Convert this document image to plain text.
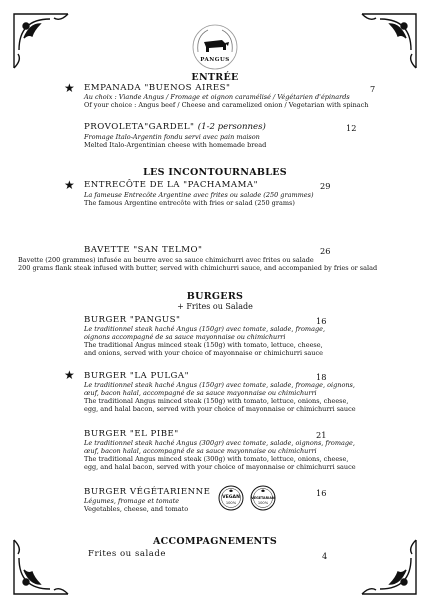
PANGUS
ENTRÉE
★ EMPANADA "BUENOS AIRES"	7
Au choix : Viande Angus / Fromage et oignon caramélisé / Végétarien d'épinards
Of your choice : Angus beef / Cheese and caramelized onion / Vegetarian with spinach
PROVOLETA"GARDEL" (1-2 personnes)	12
Fromage Italo-Argentin fondu servi avec pain maison
Melted Italo-Argentinian cheese with homemade bread
LES INCONTOURNABLES
★ ENTRECÔTE DE LA "PACHAMAMA"	29
La fameuse Entrecôte Argentine avec frites ou salade (250 grammes)
The famous Argentine entrecôte with fries or salad (250 grams)
BAVETTE "SAN TELMO"	26
Bavette (200 grammes) infusée au beurre avec sa sauce chimichurri avec frites ou salade
200 grams flank steak infused with butter, served with chimichurri sauce, and accompanied by fries or salad
BURGERS
+ Frites ou Salade
BURGER "PANGUS"	16
Le traditionnel steak haché Angus (150gr) avec tomate, salade, fromage,
oignons accompagné de sa sauce mayonnaise ou chimichurri
The traditional Angus minced steak (150g) with tomato, lettuce, cheese,
and onions, served with your choice of mayonnaise or chimichurri sauce
★ BURGER "LA PULGA"	18
Le traditionnel steak haché Angus (150gr) avec tomate, salade, fromage, oignons,
œuf, bacon halal, accompagné de sa sauce mayonnaise ou chimichurri
The traditional Angus minced steak (150g) with tomato, lettuce, onions, cheese,
egg, and halal bacon, served with your choice of mayonnaise or chimichurri sauce
BURGER "EL PIBE"	21
Le traditionnel steak haché Angus (300gr) avec tomate, salade, oignons, fromage,
œuf, bacon halal, accompagné de sa sauce mayonnaise ou chimichurri
The traditional Angus minced steak (300g) with tomato, lettuce, onions, cheese,
egg, and halal bacon, served with your choice of mayonnaise or chimichurri sauce
BURGER VÉGÉTARIENNE	16
Légumes, fromage et tomate
Vegetables, cheese, and tomato
VEGAN
100%
VEGETARIAN
100%
ACCOMPAGNEMENTS
Frites ou salade	4
